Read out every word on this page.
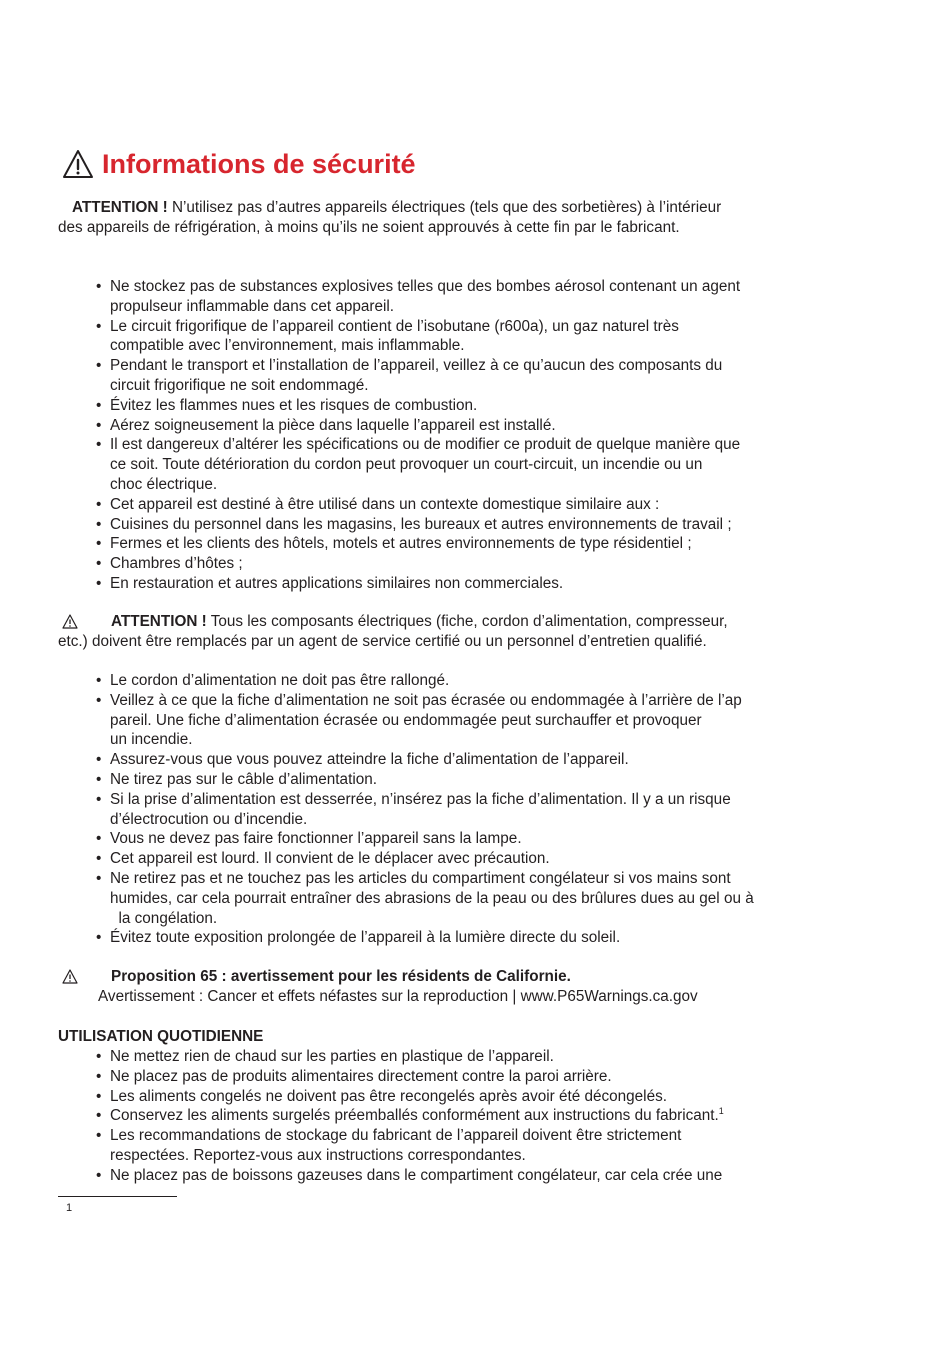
Informations de sécurité

ATTENTION ! N’utilisez pas d’autres appareils électriques (tels que des sorbetières) à l’intérieur

des appareils de réfrigération, à moins qu’ils ne soient approuvés à cette fin par le fabricant.

• Ne stockez pas de substances explosives telles que des bombes aérosol contenant un agent
propulseur inflammable dans cet appareil.
• Le circuit frigorifique de l’appareil contient de l’isobutane (r600a), un gaz naturel très
compatible avec l’environnement, mais inflammable.
• Pendant le transport et l’installation de l’appareil, veillez à ce qu’aucun des composants du
circuit frigorifique ne soit endommagé.
• Évitez les flammes nues et les risques de combustion.
• Aérez soigneusement la pièce dans laquelle l’appareil est installé.
• Il est dangereux d’altérer les spécifications ou de modifier ce produit de quelque manière que
ce soit. Toute détérioration du cordon peut provoquer un court-circuit, un incendie ou un
choc électrique.
• Cet appareil est destiné à être utilisé dans un contexte domestique similaire aux :
• Cuisines du personnel dans les magasins, les bureaux et autres environnements de travail ;
• Fermes et les clients des hôtels, motels et autres environnements de type résidentiel ;
• Chambres d’hôtes ;
• En restauration et autres applications similaires non commerciales.
ATTENTION ! Tous les composants électriques (fiche, cordon d’alimentation, compresseur,
etc.) doivent être remplacés par un agent de service certifié ou un personnel d’entretien qualifié.
• Le cordon d’alimentation ne doit pas être rallongé.
• Veillez à ce que la fiche d’alimentation ne soit pas écrasée ou endommagée à l’arrière de l’ap
pareil. Une fiche d’alimentation écrasée ou endommagée peut surchauffer et provoquer
un incendie.
• Assurez-vous que vous pouvez atteindre la fiche d’alimentation de l’appareil.
• Ne tirez pas sur le câble d’alimentation.
• Si la prise d’alimentation est desserrée, n’insérez pas la fiche d’alimentation. Il y a un risque
d’électrocution ou d’incendie.
• Vous ne devez pas faire fonctionner l’appareil sans la lampe.
• Cet appareil est lourd. Il convient de le déplacer avec précaution.
• Ne retirez pas et ne touchez pas les articles du compartiment congélateur si vos mains sont
humides, car cela pourrait entraîner des abrasions de la peau ou des brûlures dues au gel ou à
la congélation.
• Évitez toute exposition prolongée de l’appareil à la lumière directe du soleil.
Proposition 65 : avertissement pour les résidents de Californie.
Avertissement : Cancer et effets néfastes sur la reproduction | www.P65Warnings.ca.gov

UTILISATION QUOTIDIENNE

• Ne mettez rien de chaud sur les parties en plastique de l’appareil.
• Ne placez pas de produits alimentaires directement contre la paroi arrière.
• Les aliments congelés ne doivent pas être recongelés après avoir été décongelés.
• Conservez les aliments surgelés préemballés conformément aux instructions du fabricant.$^1$
• Les recommandations de stockage du fabricant de l’appareil doivent être strictement
respectées. Reportez-vous aux instructions correspondantes.
• Ne placez pas de boissons gazeuses dans le compartiment congélateur, car cela crée une
1
